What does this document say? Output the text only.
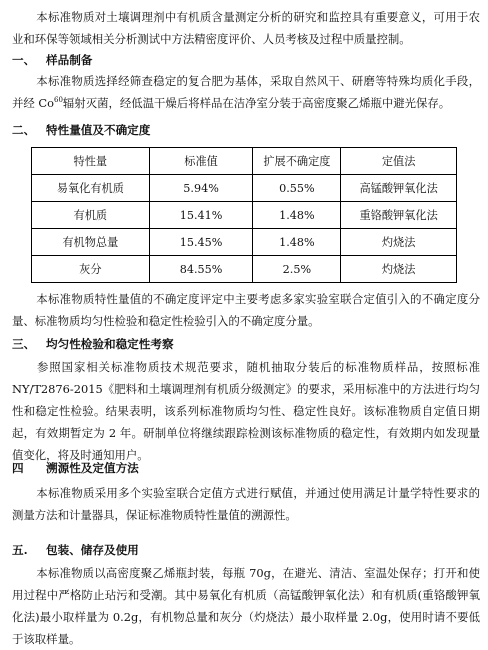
本标准物质对土壤调理剂中有机质含量测定分析的研究和监控具有重要意义，可用于农业和环保等领域相关分析测试中方法精密度评价、人员考核及过程中质量控制。

一、 样品制备

本标准物质选择经筛查稳定的复合肥为基体，采取自然风干、研磨等特殊均质化手段，并经 Co$^{60}$辐射灭菌，经低温干燥后将样品在洁净室分装于高密度聚乙烯瓶中避光保存。

二、 特性量值及不确定度
特性量	标准值	扩展不确定度	定值法
易氧化有机质	5.94%	0.55%	高锰酸钾氧化法
有机质	15.41%	1.48%	重铬酸钾氧化法
有机物总量	15.45%	1.48%	灼烧法
灰分	84.55%	2.5%	灼烧法

本标准物质特性量值的不确定度评定中主要考虑多家实验室联合定值引入的不确定度分量、标准物质均匀性检验和稳定性检验引入的不确定度分量。

三、 均匀性检验和稳定性考察

参照国家相关标准物质技术规范要求，随机抽取分装后的标准物质样品，按照标准NY/T2876-2015《肥料和土壤调理剂有机质分级测定》的要求，采用标准中的方法进行均匀性和稳定性检验。结果表明，该系列标准物质均匀性、稳定性良好。该标准物质自定值日期起，有效期暂定为 2 年。研制单位将继续跟踪检测该标准物质的稳定性，有效期内如发现量值变化，将及时通知用户。

四 溯源性及定值方法

本标准物质采用多个实验室联合定值方式进行赋值，并通过使用满足计量学特性要求的测量方法和计量器具，保证标准物质特性量值的溯源性。

五. 包装、储存及使用

本标准物质以高密度聚乙烯瓶封装，每瓶 70g，在避光、清洁、室温处保存；打开和使用过程中严格防止玷污和受潮。其中易氧化有机质（高锰酸钾氧化法）和有机质(重铬酸钾氧化法)最小取样量为 0.2g，有机物总量和灰分（灼烧法）最小取样量 2.0g，使用时请不要低于该取样量。
